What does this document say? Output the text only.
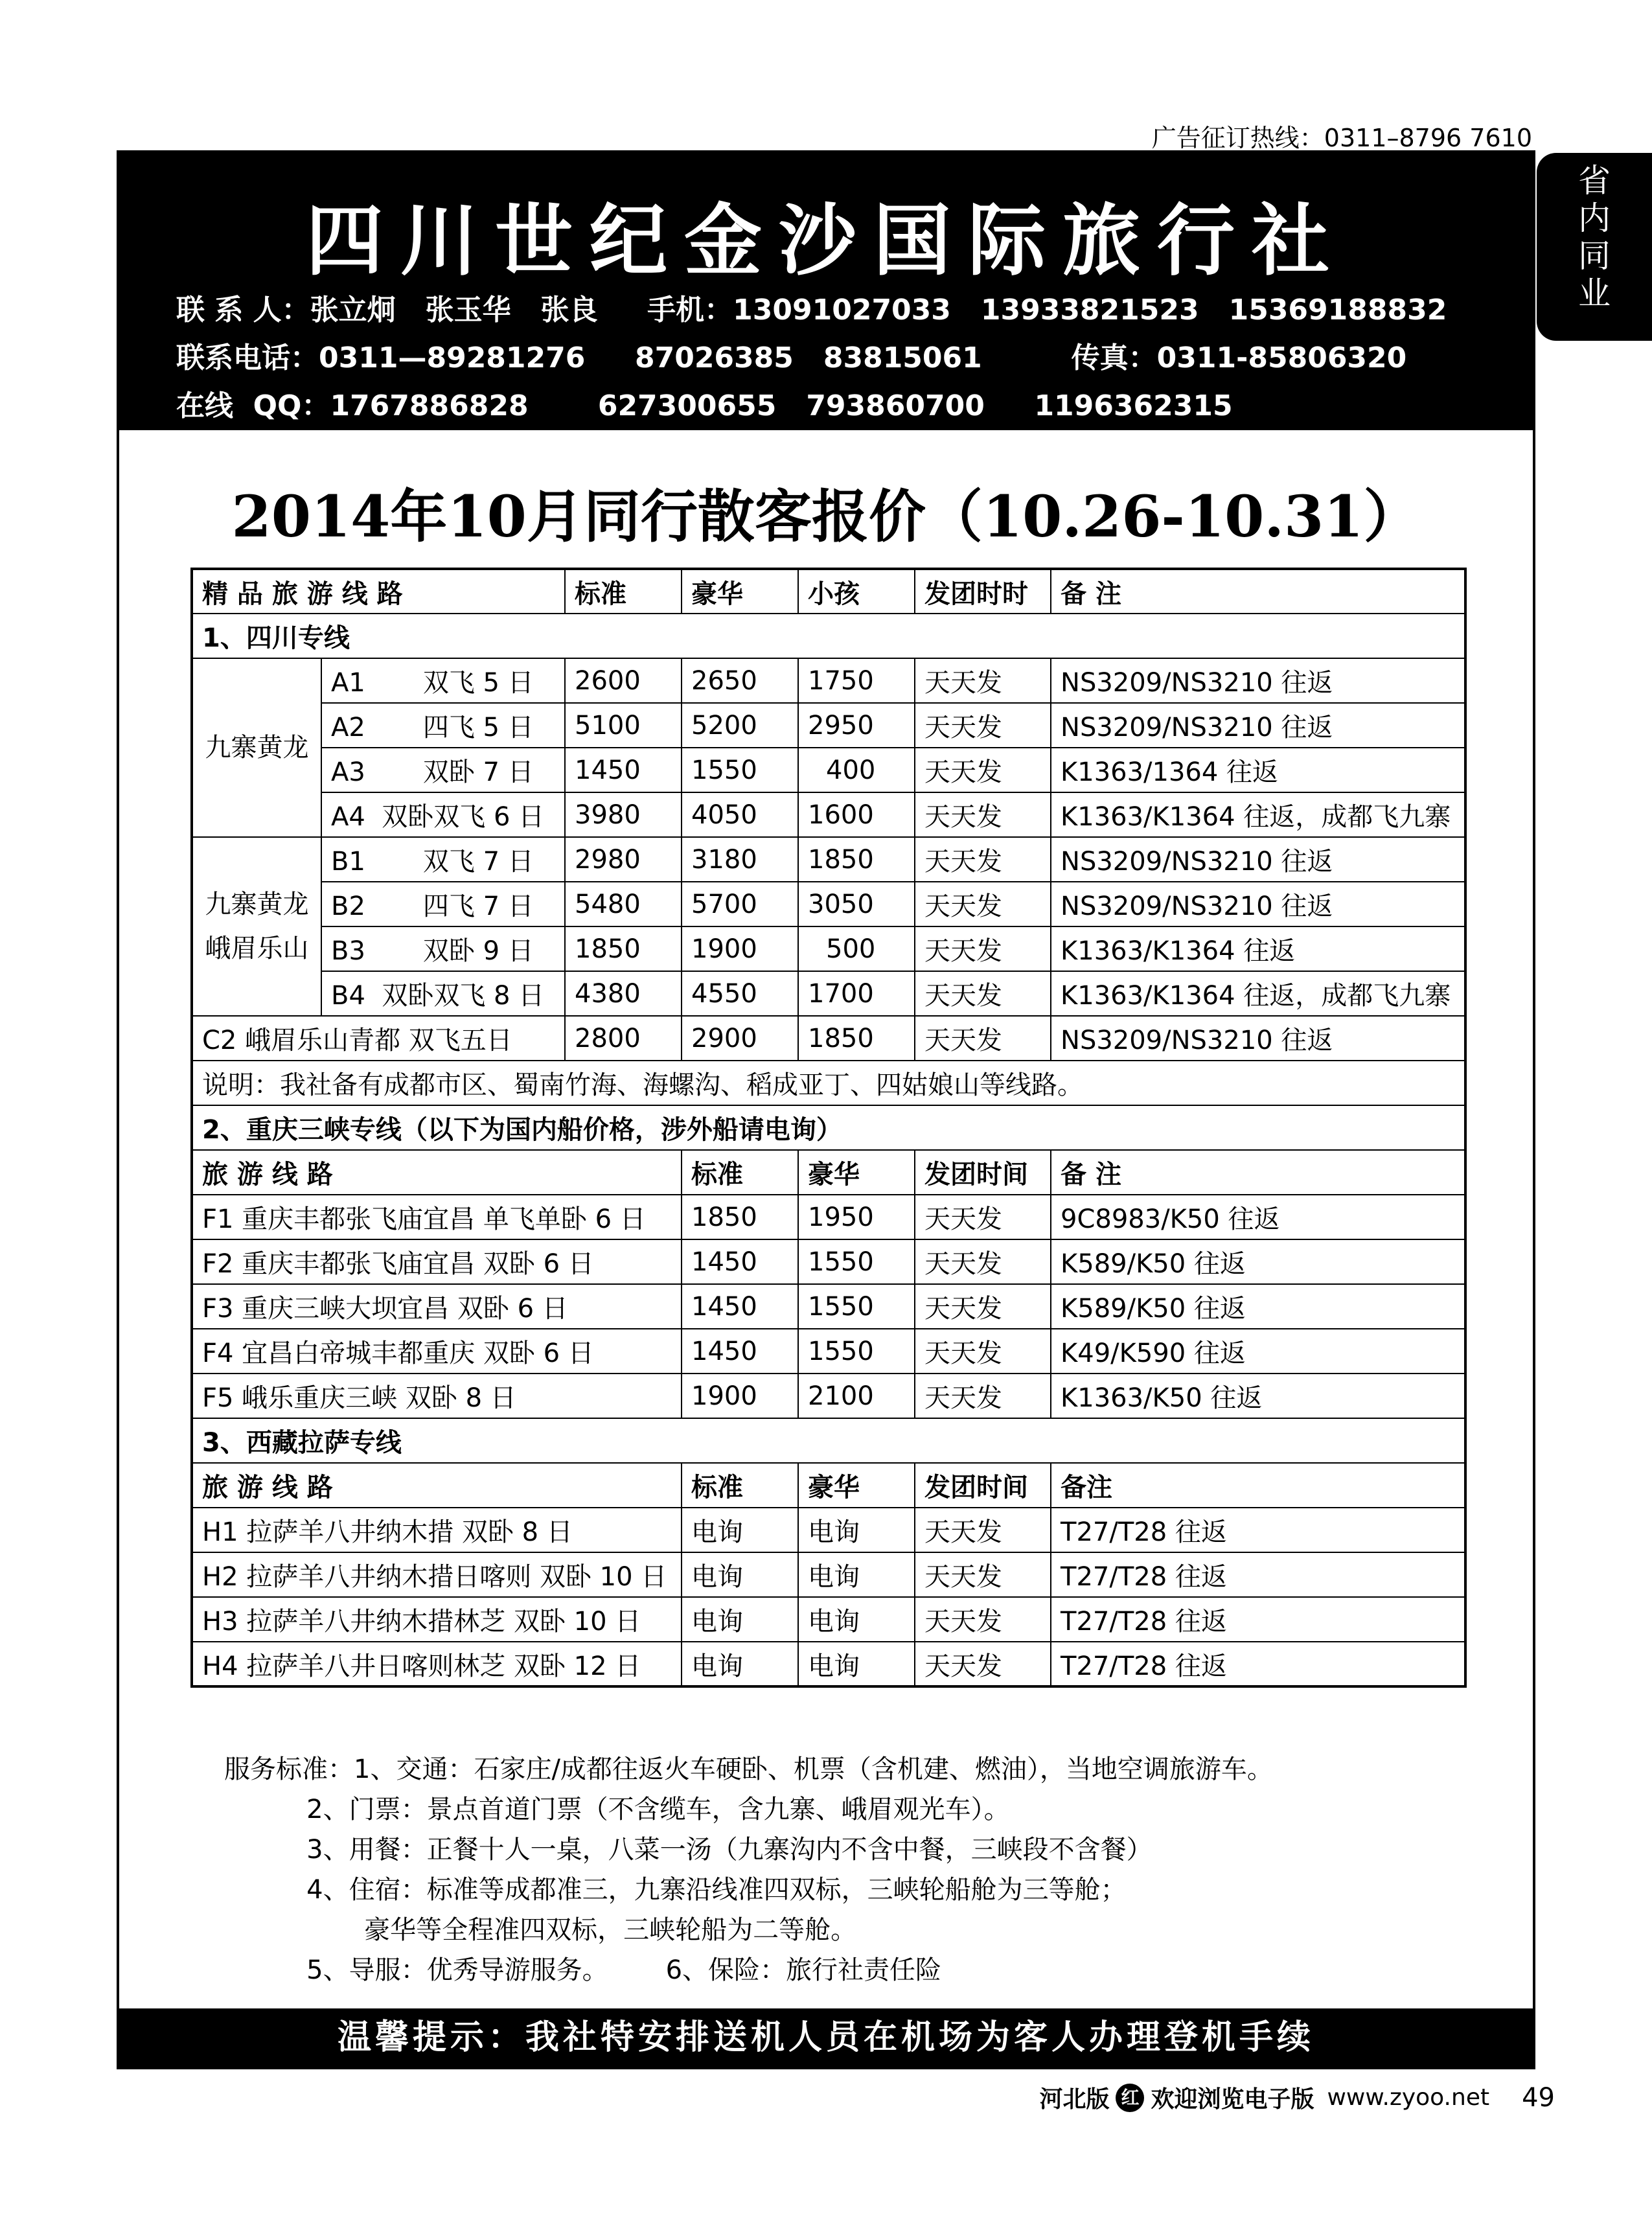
广告征订热线：0311–8796 7610
省
内
同
业
四川世纪金沙国际旅行社
联 系 人：张立炯   张玉华   张良     手机：13091027033   13933821523   15369188832
联系电话：0311—89281276     87026385   83815061         传真：0311-85806320
在线  QQ：1767886828       627300655   793860700     1196362315
2014年10月同行散客报价（10.26-10.31）
精 品 旅 游 线 路		标准	豪华	小孩	发团时时	备 注
1、四川专线						
九寨黄龙	A1 双飞 5 日	2600	2650	1750	天天发	NS3209/NS3210 往返
	A2 四飞 5 日	5100	5200	2950	天天发	NS3209/NS3210 往返
	A3 双卧 7 日	1450	1550	400	天天发	K1363/1364 往返
	A4 双卧双飞 6 日	3980	4050	1600	天天发	K1363/K1364 往返，成都飞九寨
九寨黄龙峨眉乐山	B1 双飞 7 日	2980	3180	1850	天天发	NS3209/NS3210 往返
	B2 四飞 7 日	5480	5700	3050	天天发	NS3209/NS3210 往返
	B3 双卧 9 日	1850	1900	500	天天发	K1363/K1364 往返
	B4 双卧双飞 8 日	4380	4550	1700	天天发	K1363/K1364 往返，成都飞九寨
C2 峨眉乐山青都 双飞五日		2800	2900	1850	天天发	NS3209/NS3210 往返
说明：我社备有成都市区、蜀南竹海、海螺沟、稻成亚丁、四姑娘山等线路。						
2、重庆三峡专线（以下为国内船价格，涉外船请电询）						
旅 游 线 路			标准	豪华	发团时间	备 注
F1 重庆丰都张飞庙宜昌 单飞单卧 6 日			1850	1950	天天发	9C8983/K50 往返
F2 重庆丰都张飞庙宜昌 双卧 6 日			1450	1550	天天发	K589/K50 往返
F3 重庆三峡大坝宜昌 双卧 6 日			1450	1550	天天发	K589/K50 往返
F4 宜昌白帝城丰都重庆 双卧 6 日			1450	1550	天天发	K49/K590 往返
F5 峨乐重庆三峡 双卧 8 日			1900	2100	天天发	K1363/K50 往返
3、西藏拉萨专线						
旅 游 线 路			标准	豪华	发团时间	备注
H1 拉萨羊八井纳木措 双卧 8 日			电询	电询	天天发	T27/T28 往返
H2 拉萨羊八井纳木措日喀则 双卧 10 日			电询	电询	天天发	T27/T28 往返
H3 拉萨羊八井纳木措林芝 双卧 10 日			电询	电询	天天发	T27/T28 往返
H4 拉萨羊八井日喀则林芝 双卧 12 日			电询	电询	天天发	T27/T28 往返
服务标准：1、交通：石家庄/成都往返火车硬卧、机票（含机建、燃油），当地空调旅游车。
2、门票：景点首道门票（不含缆车，含九寨、峨眉观光车）。
3、用餐：正餐十人一桌，八菜一汤（九寨沟内不含中餐，三峡段不含餐）
4、住宿：标准等成都准三，九寨沿线准四双标，三峡轮船舱为三等舱；
豪华等全程准四双标，三峡轮船为二等舱。
5、导服：优秀导游服务。       6、保险：旅行社责任险
温馨提示：我社特安排送机人员在机场为客人办理登机手续
河北版 红 欢迎浏览电子版 www.zyoo.net 49
